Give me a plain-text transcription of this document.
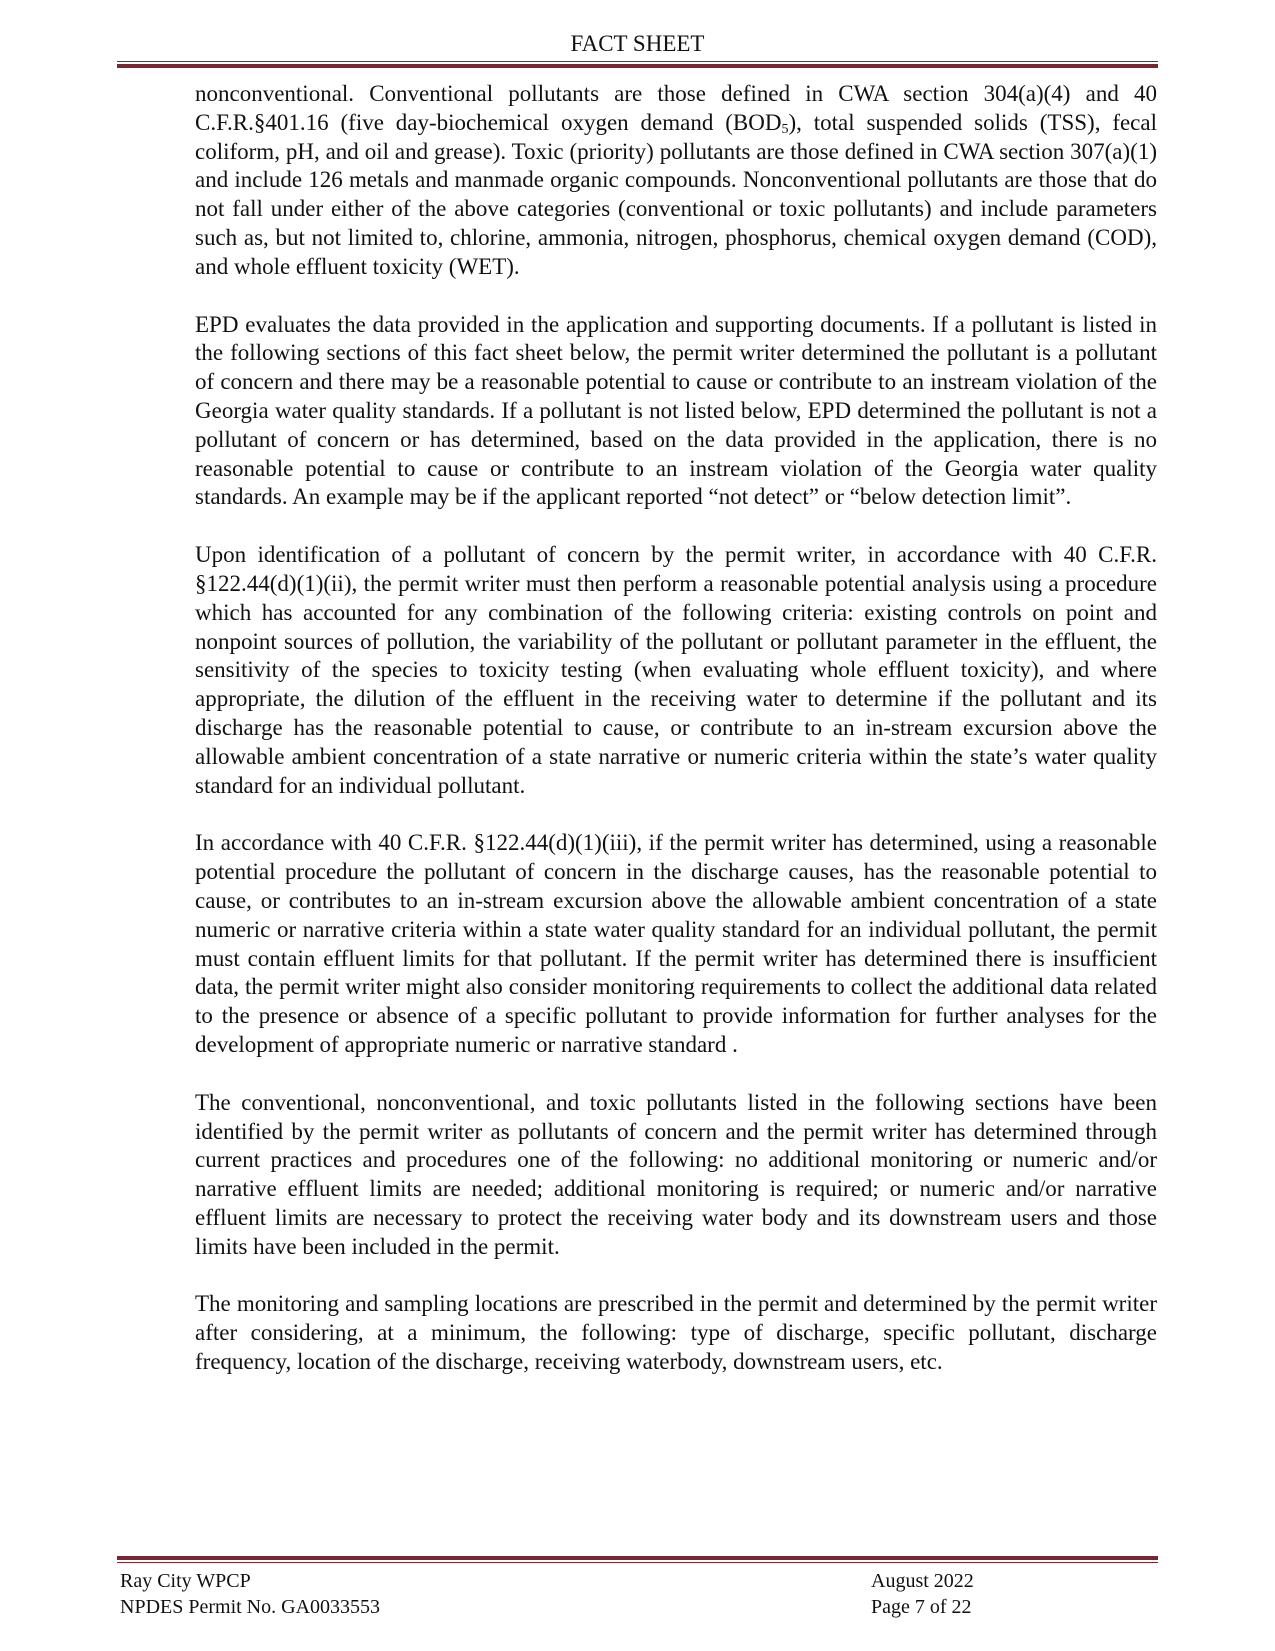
FACT SHEET

nonconventional. Conventional pollutants are those defined in CWA section 304(a)(4) and 40 C.F.R.§401.16 (five day-biochemical oxygen demand $(BOD_5)$, total suspended solids (TSS), fecal coliform, pH, and oil and grease). Toxic (priority) pollutants are those defined in CWA section 307(a)(1) and include 126 metals and manmade organic compounds. Nonconventional pollutants are those that do not fall under either of the above categories (conventional or toxic pollutants) and include parameters such as, but not limited to, chlorine, ammonia, nitrogen, phosphorus, chemical oxygen demand (COD), and whole effluent toxicity (WET).

EPD evaluates the data provided in the application and supporting documents. If a pollutant is listed in the following sections of this fact sheet below, the permit writer determined the pollutant is a pollutant of concern and there may be a reasonable potential to cause or contribute to an instream violation of the Georgia water quality standards. If a pollutant is not listed below, EPD determined the pollutant is not a pollutant of concern or has determined, based on the data provided in the application, there is no reasonable potential to cause or contribute to an instream violation of the Georgia water quality standards. An example may be if the applicant reported “not detect” or “below detection limit”.

Upon identification of a pollutant of concern by the permit writer, in accordance with 40 C.F.R. §122.44(d)(1)(ii), the permit writer must then perform a reasonable potential analysis using a procedure which has accounted for any combination of the following criteria: existing controls on point and nonpoint sources of pollution, the variability of the pollutant or pollutant parameter in the effluent, the sensitivity of the species to toxicity testing (when evaluating whole effluent toxicity), and where appropriate, the dilution of the effluent in the receiving water to determine if the pollutant and its discharge has the reasonable potential to cause, or contribute to an in-stream excursion above the allowable ambient concentration of a state narrative or numeric criteria within the state’s water quality standard for an individual pollutant.

In accordance with 40 C.F.R. §122.44(d)(1)(iii), if the permit writer has determined, using a reasonable potential procedure the pollutant of concern in the discharge causes, has the reasonable potential to cause, or contributes to an in-stream excursion above the allowable ambient concentration of a state numeric or narrative criteria within a state water quality standard for an individual pollutant, the permit must contain effluent limits for that pollutant. If the permit writer has determined there is insufficient data, the permit writer might also consider monitoring requirements to collect the additional data related to the presence or absence of a specific pollutant to provide information for further analyses for the development of appropriate numeric or narrative standard .

The conventional, nonconventional, and toxic pollutants listed in the following sections have been identified by the permit writer as pollutants of concern and the permit writer has determined through current practices and procedures one of the following: no additional monitoring or numeric and/or narrative effluent limits are needed; additional monitoring is required; or numeric and/or narrative effluent limits are necessary to protect the receiving water body and its downstream users and those limits have been included in the permit.

The monitoring and sampling locations are prescribed in the permit and determined by the permit writer after considering, at a minimum, the following: type of discharge, specific pollutant, discharge frequency, location of the discharge, receiving waterbody, downstream users, etc.

Ray City WPCP
NPDES Permit No. GA0033553
August 2022
Page 7 of 22
